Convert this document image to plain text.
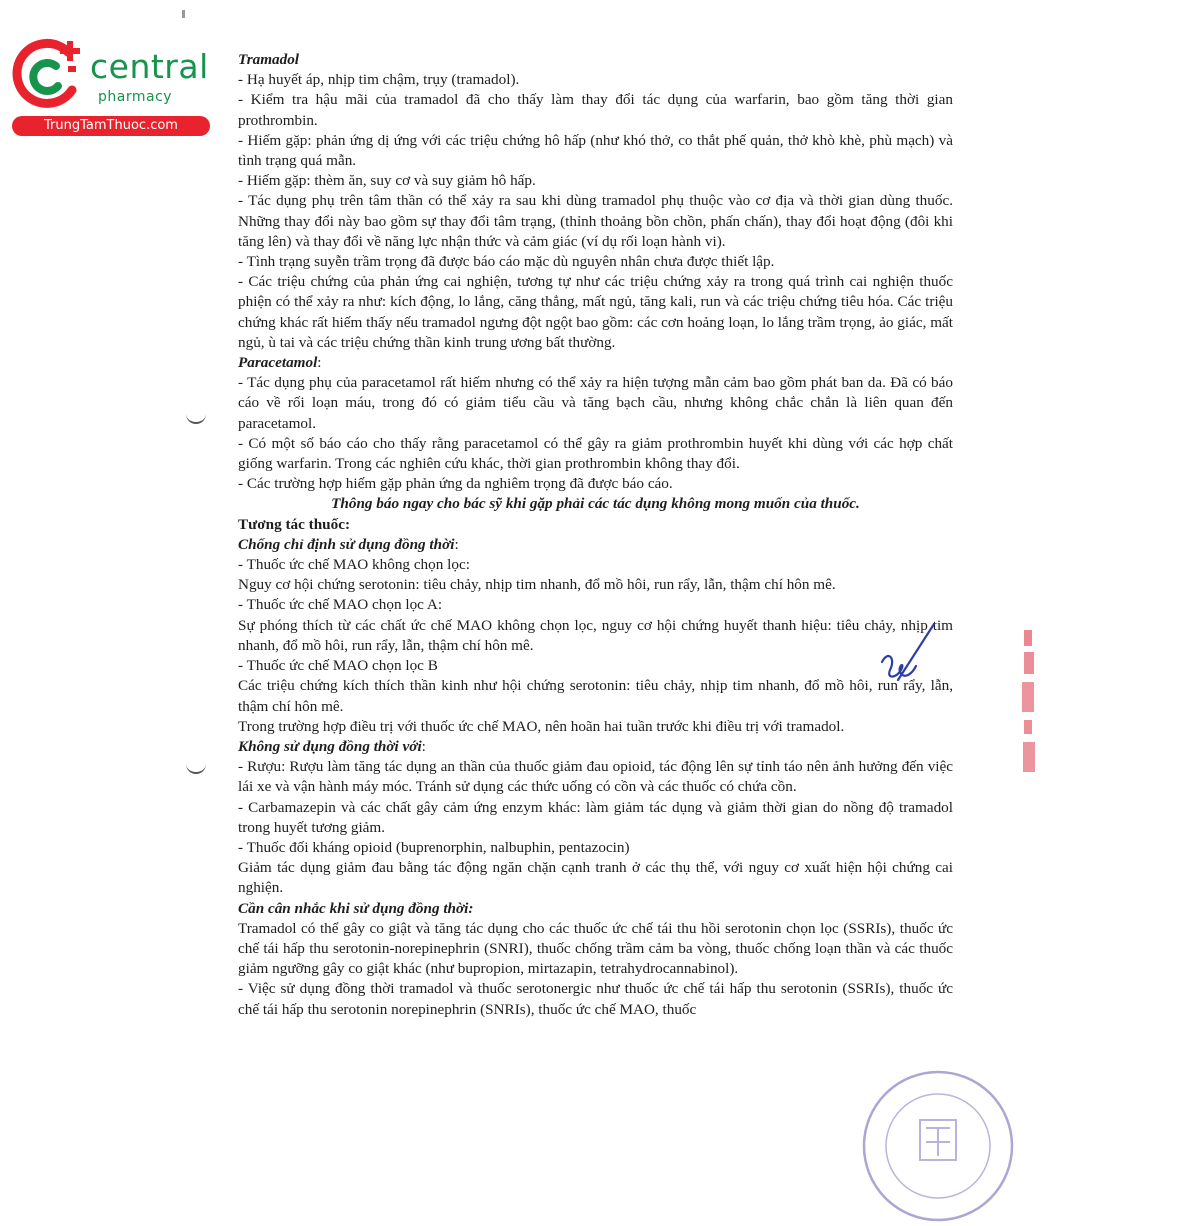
central
pharmacy
TrungTamThuoc.com

Tramadol

- Hạ huyết áp, nhịp tim chậm, trụy (tramadol).

- Kiểm tra hậu mãi của tramadol đã cho thấy làm thay đổi tác dụng của warfarin, bao gồm tăng thời gian prothrombin.

- Hiếm gặp: phản ứng dị ứng với các triệu chứng hô hấp (như khó thở, co thắt phế quản, thở khò khè, phù mạch) và tình trạng quá mẫn.

- Hiếm gặp: thèm ăn, suy cơ và suy giảm hô hấp.

- Tác dụng phụ trên tâm thần có thể xảy ra sau khi dùng tramadol phụ thuộc vào cơ địa và thời gian dùng thuốc. Những thay đổi này bao gồm sự thay đổi tâm trạng, (thỉnh thoảng bồn chồn, phấn chấn), thay đổi hoạt động (đôi khi tăng lên) và thay đổi về năng lực nhận thức và cảm giác (ví dụ rối loạn hành vi).

- Tình trạng suyễn trầm trọng đã được báo cáo mặc dù nguyên nhân chưa được thiết lập.

- Các triệu chứng của phản ứng cai nghiện, tương tự như các triệu chứng xảy ra trong quá trình cai nghiện thuốc phiện có thể xảy ra như: kích động, lo lắng, căng thẳng, mất ngủ, tăng kali, run và các triệu chứng tiêu hóa. Các triệu chứng khác rất hiếm thấy nếu tramadol ngưng đột ngột bao gồm: các cơn hoảng loạn, lo lắng trầm trọng, ảo giác, mất ngủ, ù tai và các triệu chứng thần kinh trung ương bất thường.

Paracetamol:

- Tác dụng phụ của paracetamol rất hiếm nhưng có thể xảy ra hiện tượng mẫn cảm bao gồm phát ban da. Đã có báo cáo về rối loạn máu, trong đó có giảm tiểu cầu và tăng bạch cầu, nhưng không chắc chắn là liên quan đến paracetamol.

- Có một số báo cáo cho thấy rằng paracetamol có thể gây ra giảm prothrombin huyết khi dùng với các hợp chất giống warfarin. Trong các nghiên cứu khác, thời gian prothrombin không thay đổi.

- Các trường hợp hiếm gặp phản ứng da nghiêm trọng đã được báo cáo.

Thông báo ngay cho bác sỹ khi gặp phải các tác dụng không mong muốn của thuốc.

Tương tác thuốc:

Chống chỉ định sử dụng đồng thời:

- Thuốc ức chế MAO không chọn lọc:

Nguy cơ hội chứng serotonin: tiêu chảy, nhịp tim nhanh, đổ mồ hôi, run rẩy, lẫn, thậm chí hôn mê.

- Thuốc ức chế MAO chọn lọc A:

Sự phóng thích từ các chất ức chế MAO không chọn lọc, nguy cơ hội chứng huyết thanh hiệu: tiêu chảy, nhịp tim nhanh, đổ mồ hôi, run rẩy, lẫn, thậm chí hôn mê.

- Thuốc ức chế MAO chọn lọc B

Các triệu chứng kích thích thần kinh như hội chứng serotonin: tiêu chảy, nhịp tim nhanh, đổ mồ hôi, run rẩy, lẫn, thậm chí hôn mê.

Trong trường hợp điều trị với thuốc ức chế MAO, nên hoãn hai tuần trước khi điều trị với tramadol.

Không sử dụng đồng thời với:

- Rượu: Rượu làm tăng tác dụng an thần của thuốc giảm đau opioid, tác động lên sự tỉnh táo nên ảnh hưởng đến việc lái xe và vận hành máy móc. Tránh sử dụng các thức uống có cồn và các thuốc có chứa cồn.

- Carbamazepin và các chất gây cảm ứng enzym khác: làm giảm tác dụng và giảm thời gian do nồng độ tramadol trong huyết tương giảm.

- Thuốc đối kháng opioid (buprenorphin, nalbuphin, pentazocin)

Giảm tác dụng giảm đau bằng tác động ngăn chặn cạnh tranh ở các thụ thể, với nguy cơ xuất hiện hội chứng cai nghiện.

Cần cân nhắc khi sử dụng đồng thời:

Tramadol có thể gây co giật và tăng tác dụng cho các thuốc ức chế tái thu hồi serotonin chọn lọc (SSRIs), thuốc ức chế tái hấp thu serotonin-norepinephrin (SNRI), thuốc chống trầm cảm ba vòng, thuốc chống loạn thần và các thuốc giảm ngưỡng gây co giật khác (như bupropion, mirtazapin, tetrahydrocannabinol).

- Việc sử dụng đồng thời tramadol và thuốc serotonergic như thuốc ức chế tái hấp thu serotonin (SSRIs), thuốc ức chế tái hấp thu serotonin norepinephrin (SNRIs), thuốc ức chế MAO, thuốc
